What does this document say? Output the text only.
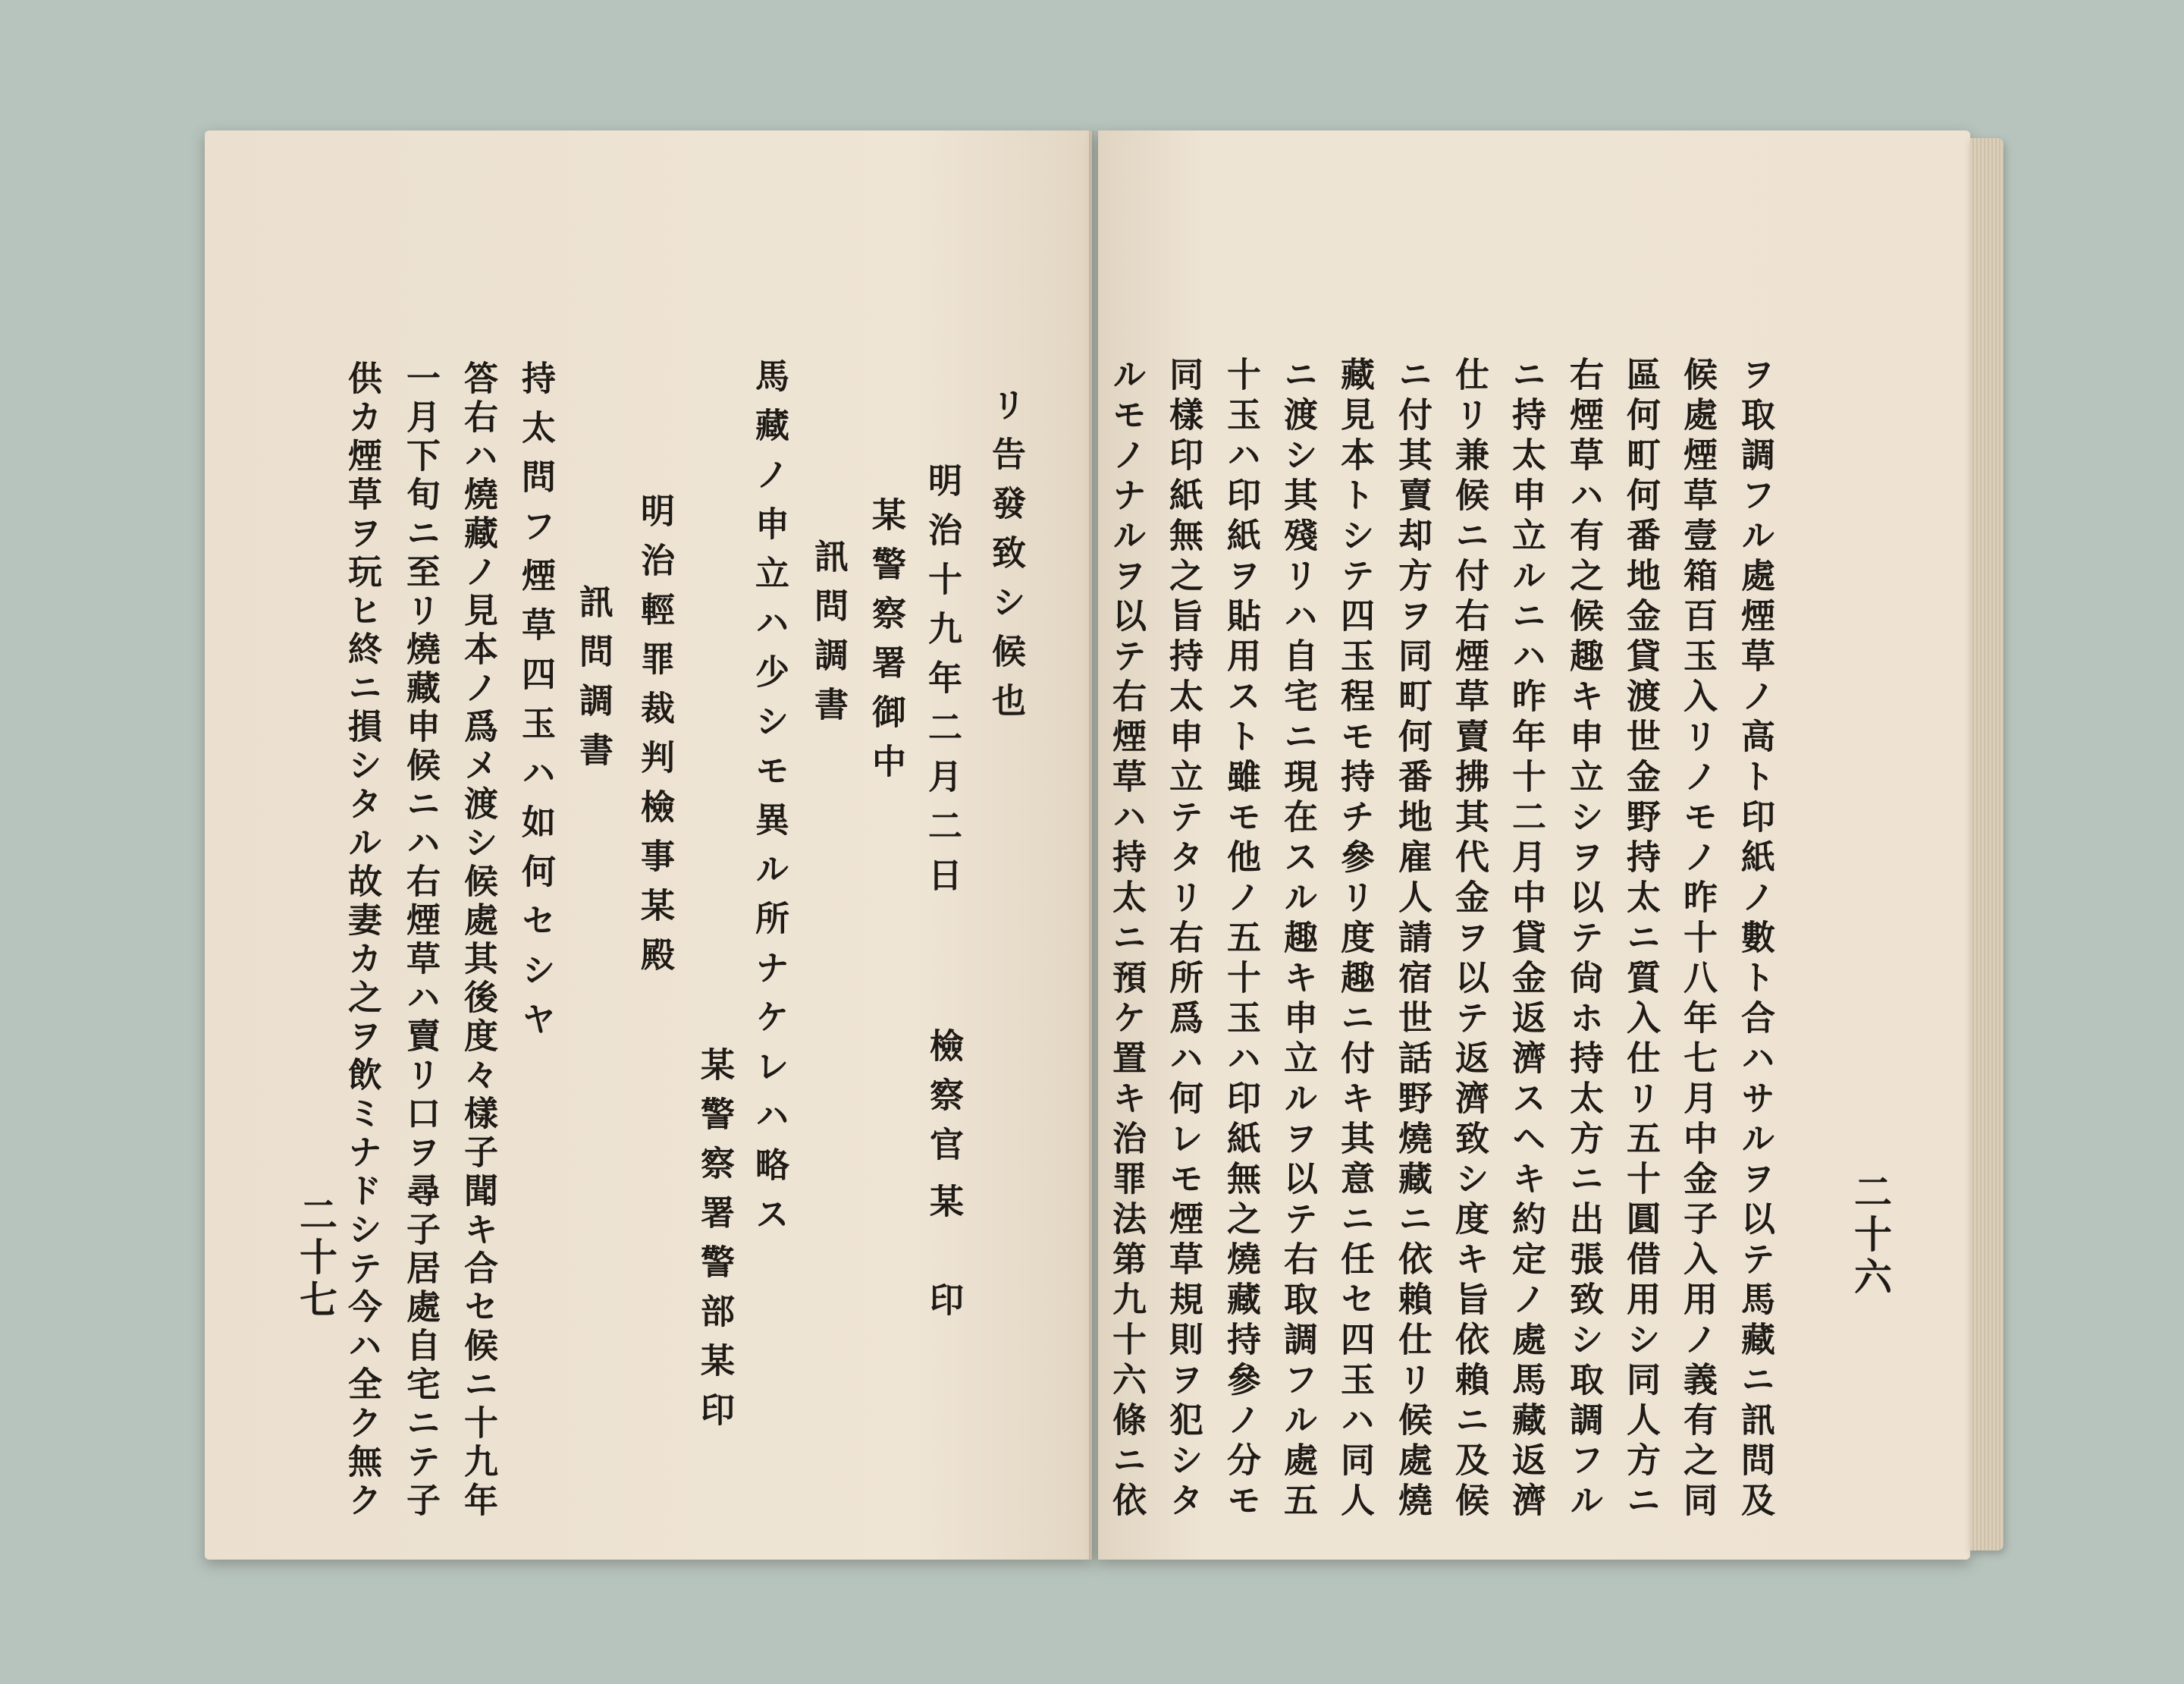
ヲ取調フル處煙草ノ高ト印紙ノ數ト合ハサルヲ以テ馬藏ニ訊問及
候處煙草壹箱百玉入リノモノ昨十八年七月中金子入用ノ義有之同
區何町何番地金貸渡世金野持太ニ質入仕リ五十圓借用シ同人方ニ
右煙草ハ有之候趣キ申立シヲ以テ尙ホ持太方ニ出張致シ取調フル
ニ持太申立ルニハ昨年十二月中貸金返濟スヘキ約定ノ處馬藏返濟
仕リ兼候ニ付右煙草賣拂其代金ヲ以テ返濟致シ度キ旨依賴ニ及候
ニ付其賣却方ヲ同町何番地雇人請宿世話野燒藏ニ依賴仕リ候處燒
藏見本トシテ四玉程モ持チ參リ度趣ニ付キ其意ニ任セ四玉ハ同人
ニ渡シ其殘リハ自宅ニ現在スル趣キ申立ルヲ以テ右取調フル處五
十玉ハ印紙ヲ貼用スト雖モ他ノ五十玉ハ印紙無之燒藏持參ノ分モ
同樣印紙無之旨持太申立テタリ右所爲ハ何レモ煙草規則ヲ犯シタ
ルモノナルヲ以テ右煙草ハ持太ニ預ケ置キ治罪法第九十六條ニ依	二十六
リ告發致シ候也
明治十九年二月二日
某警察署御中
訊問調書
馬藏ノ申立ハ少シモ異ル所ナケレハ略ス
明治輕罪裁判檢事某殿
訊問調書
持太問フ煙草四玉ハ如何セシヤ
答右ハ燒藏ノ見本ノ爲メ渡シ候處其後度々樣子聞キ合セ候ニ十九年
一月下旬ニ至リ燒藏申候ニハ右煙草ハ賣リ口ヲ尋子居處自宅ニテ子
供カ煙草ヲ玩ヒ終ニ損シタル故妻カ之ヲ飲ミナドシテ今ハ全ク無ク	檢察官
某　印
某警察署警部某印
二十七
